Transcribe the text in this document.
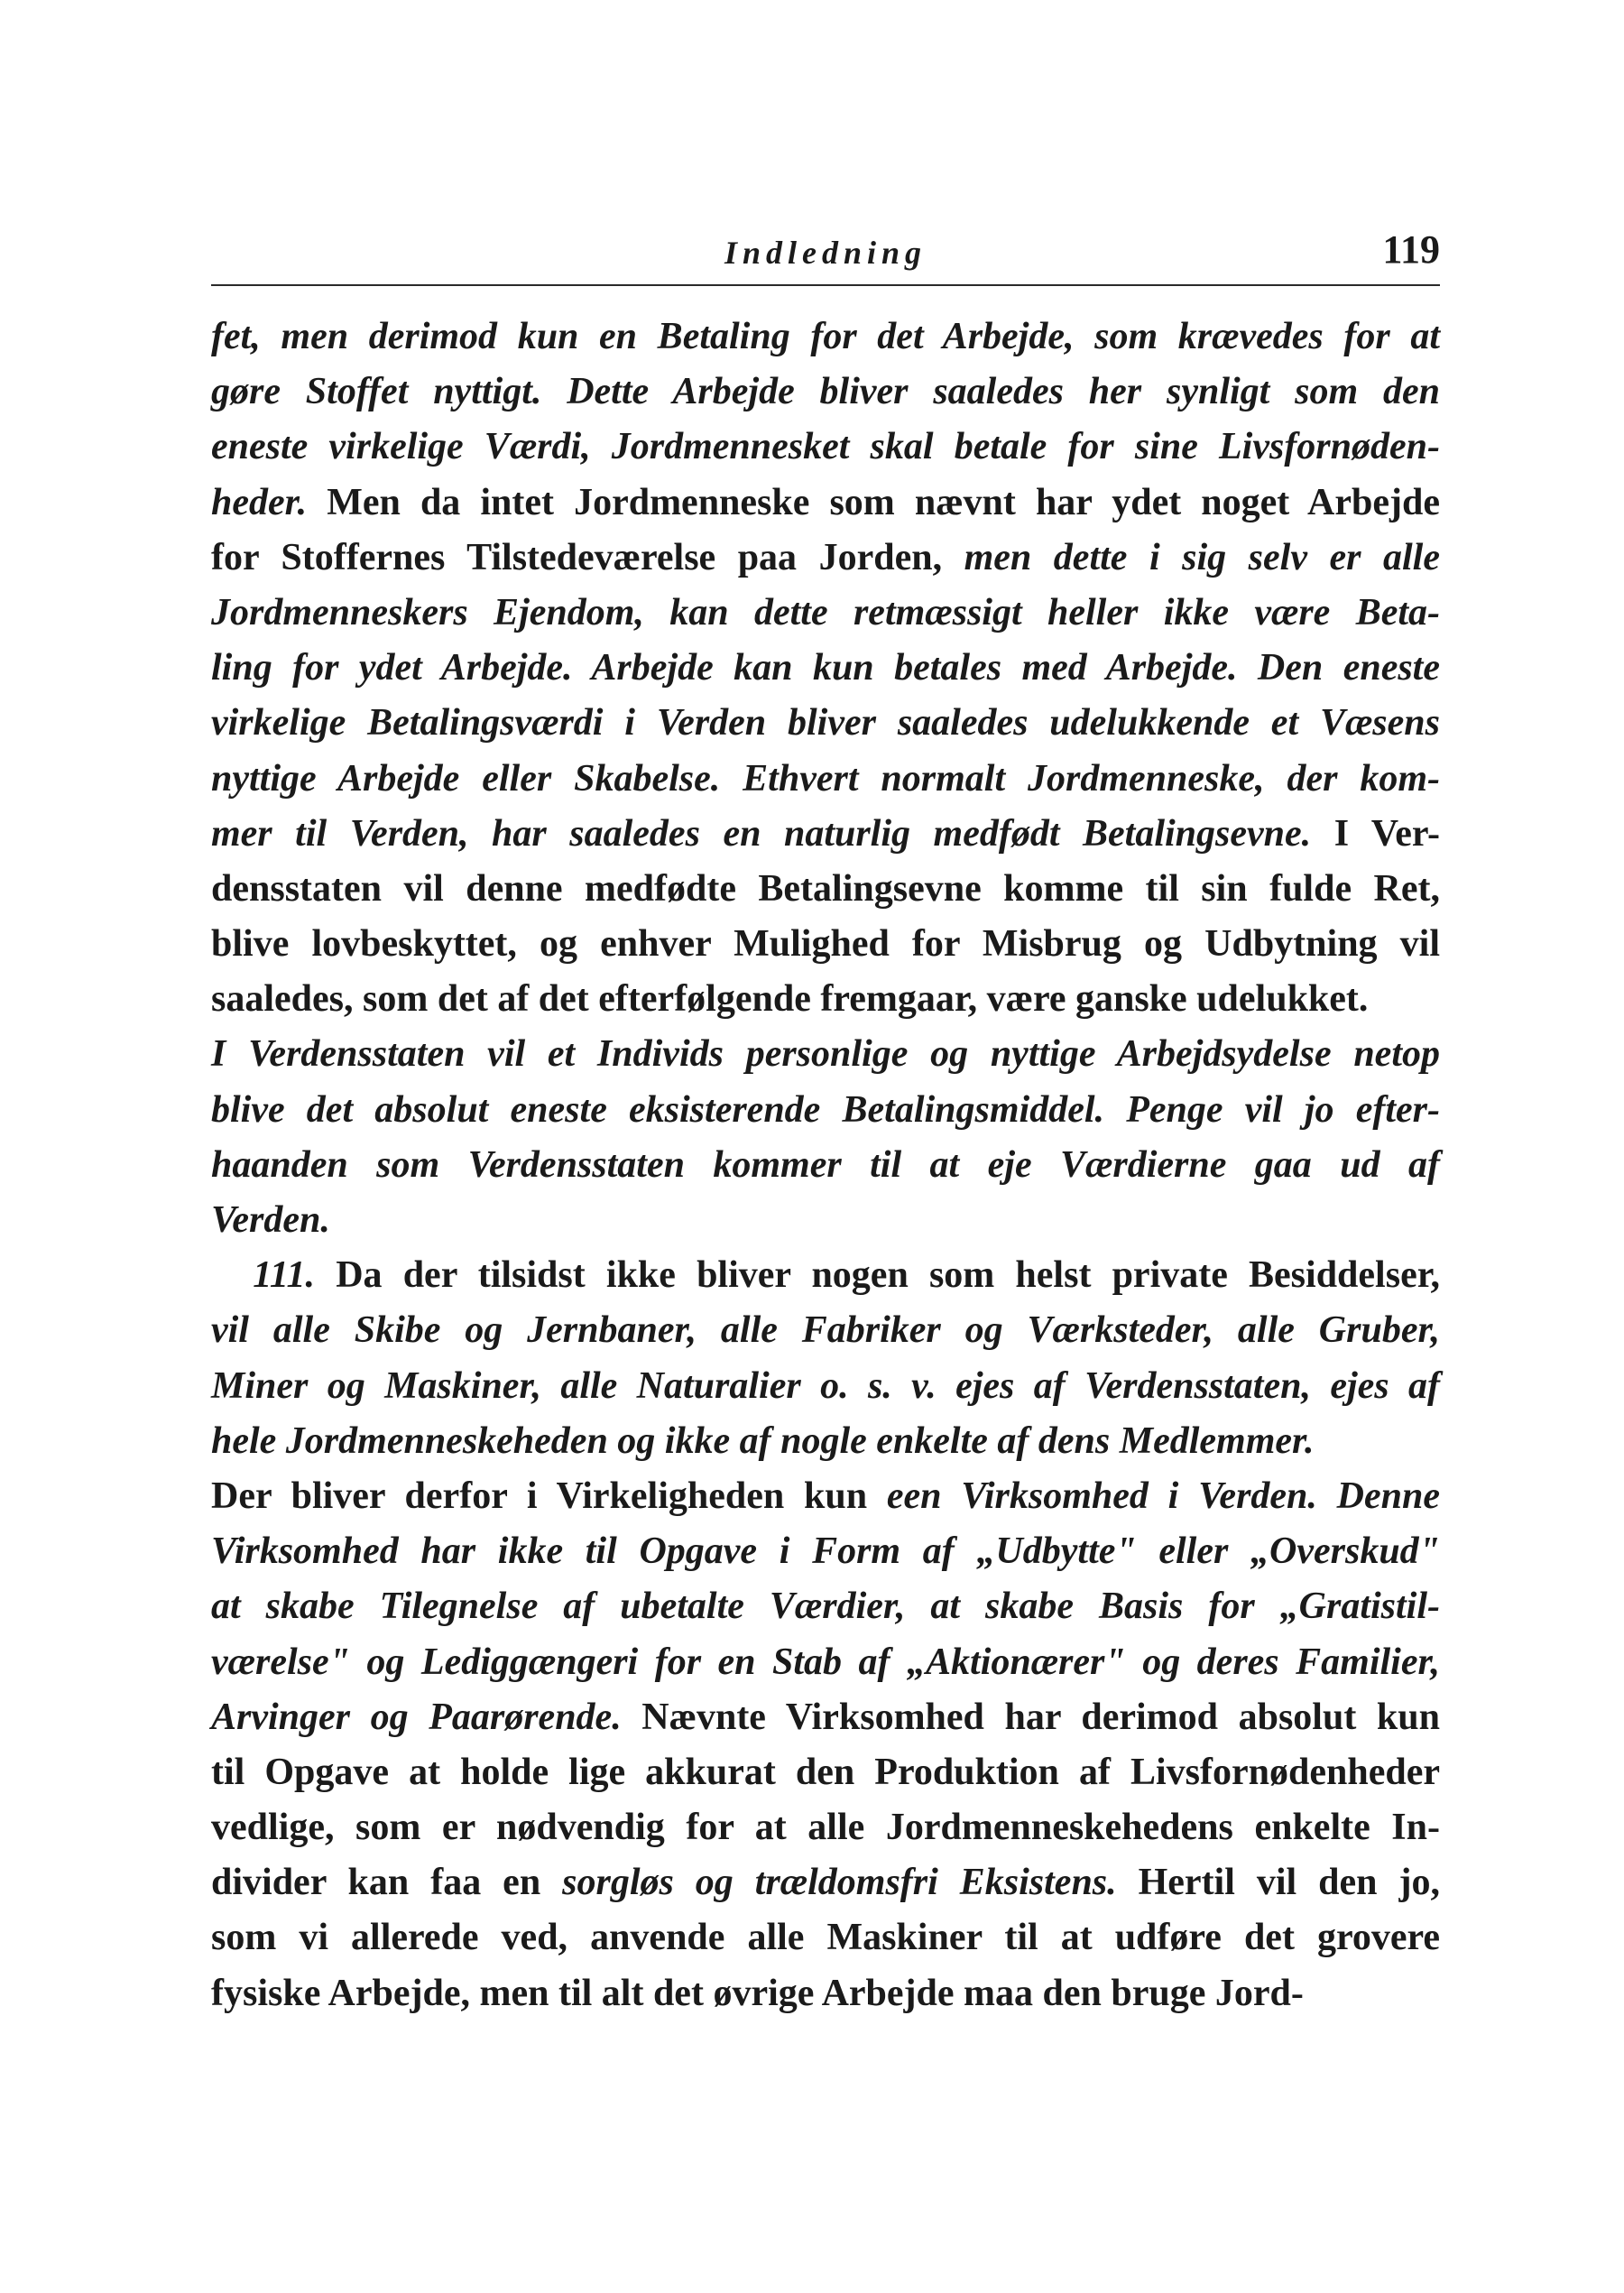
Indledning	119
fet, men derimod kun en Betaling for det Arbejde, som krævedes for at
gøre Stoffet nyttigt. Dette Arbejde bliver saaledes her synligt som den
eneste virkelige Værdi, Jordmennesket skal betale for sine Livsfornøden-
heder. Men da intet Jordmenneske som nævnt har ydet noget Arbejde
for Stoffernes Tilstedeværelse paa Jorden, men dette i sig selv er alle
Jordmenneskers Ejendom, kan dette retmæssigt heller ikke være Beta-
ling for ydet Arbejde. Arbejde kan kun betales med Arbejde. Den eneste
virkelige Betalingsværdi i Verden bliver saaledes udelukkende et Væsens
nyttige Arbejde eller Skabelse. Ethvert normalt Jordmenneske, der kom-
mer til Verden, har saaledes en naturlig medfødt Betalingsevne. I Ver-
densstaten vil denne medfødte Betalingsevne komme til sin fulde Ret,
blive lovbeskyttet, og enhver Mulighed for Misbrug og Udbytning vil
saaledes, som det af det efterfølgende fremgaar, være ganske udelukket.
I Verdensstaten vil et Individs personlige og nyttige Arbejdsydelse netop
blive det absolut eneste eksisterende Betalingsmiddel. Penge vil jo efter-
haanden som Verdensstaten kommer til at eje Værdierne gaa ud af
Verden.
111. Da der tilsidst ikke bliver nogen som helst private Besiddelser,
vil alle Skibe og Jernbaner, alle Fabriker og Værksteder, alle Gruber,
Miner og Maskiner, alle Naturalier o. s. v. ejes af Verdensstaten, ejes af
hele Jordmenneskeheden og ikke af nogle enkelte af dens Medlemmer.
Der bliver derfor i Virkeligheden kun een Virksomhed i Verden. Denne
Virksomhed har ikke til Opgave i Form af „Udbytte" eller „Overskud"
at skabe Tilegnelse af ubetalte Værdier, at skabe Basis for „Gratistil-
værelse" og Lediggængeri for en Stab af „Aktionærer" og deres Familier,
Arvinger og Paarørende. Nævnte Virksomhed har derimod absolut kun
til Opgave at holde lige akkurat den Produktion af Livsfornødenheder
vedlige, som er nødvendig for at alle Jordmenneskehedens enkelte In-
divider kan faa en sorgløs og trældomsfri Eksistens. Hertil vil den jo,
som vi allerede ved, anvende alle Maskiner til at udføre det grovere
fysiske Arbejde, men til alt det øvrige Arbejde maa den bruge Jord-
